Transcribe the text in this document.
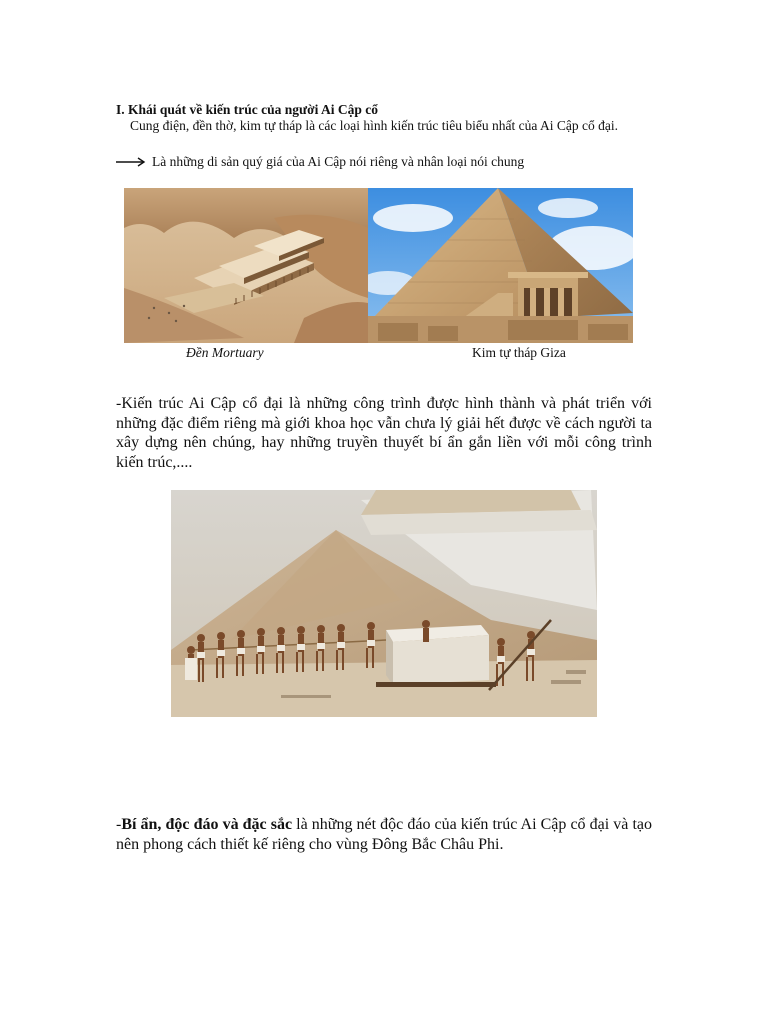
I. Khái quát về kiến trúc của người Ai Cập cổ
Cung điện, đền thờ, kim tự tháp là các loại hình kiến trúc tiêu biểu nhất của Ai Cập cổ đại.
Là những di sản quý giá của Ai Cập nói riêng và nhân loại nói chung
Đền Mortuary	Kim tự tháp Giza
-Kiến trúc Ai Cập cổ đại là những công trình được hình thành và phát triển với những đặc điểm riêng mà giới khoa học vẫn chưa lý giải hết được về cách người ta xây dựng nên chúng, hay những truyền thuyết bí ẩn gắn liền với mỗi công trình kiến trúc,....
-Bí ẩn, độc đáo và đặc sắc là những nét độc đáo của kiến trúc Ai Cập cổ đại và tạo nên phong cách thiết kế riêng cho vùng Đông Bắc Châu Phi.
